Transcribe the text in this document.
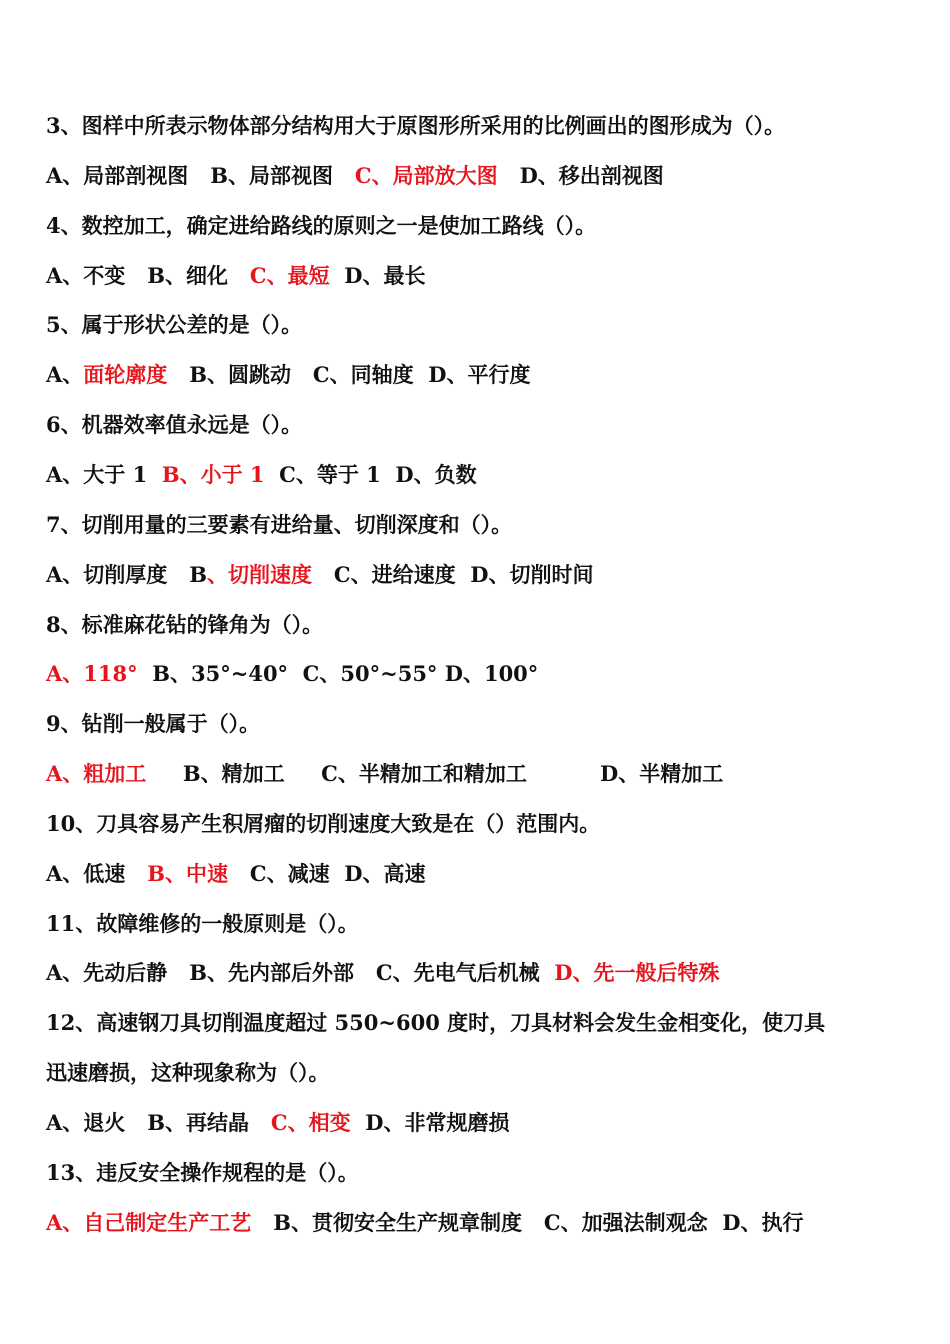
3、图样中所表示物体部分结构用大于原图形所采用的比例画出的图形成为（）。
A、局部剖视图   B、局部视图   C、局部放大图   D、移出剖视图
4、数控加工，确定进给路线的原则之一是使加工路线（）。
A、不变   B、细化   C、最短  D、最长
5、属于形状公差的是（）。
A、面轮廓度   B、圆跳动   C、同轴度  D、平行度
6、机器效率值永远是（）。
A、大于 1  B、小于 1  C、等于 1  D、负数
7、切削用量的三要素有进给量、切削深度和（）。
A、切削厚度   B、切削速度   C、进给速度  D、切削时间
8、标准麻花钻的锋角为（）。
A、118°  B、35°~40°  C、50°~55° D、100°
9、钻削一般属于（）。
A、粗加工     B、精加工     C、半精加工和精加工          D、半精加工
10、刀具容易产生积屑瘤的切削速度大致是在（）范围内。
A、低速   B、中速   C、减速  D、高速
11、故障维修的一般原则是（）。
A、先动后静   B、先内部后外部   C、先电气后机械  D、先一般后特殊
12、高速钢刀具切削温度超过 550~600 度时，刀具材料会发生金相变化，使刀具
迅速磨损，这种现象称为（）。
A、退火   B、再结晶   C、相变  D、非常规磨损
13、违反安全操作规程的是（）。
A、自己制定生产工艺   B、贯彻安全生产规章制度   C、加强法制观念  D、执行
